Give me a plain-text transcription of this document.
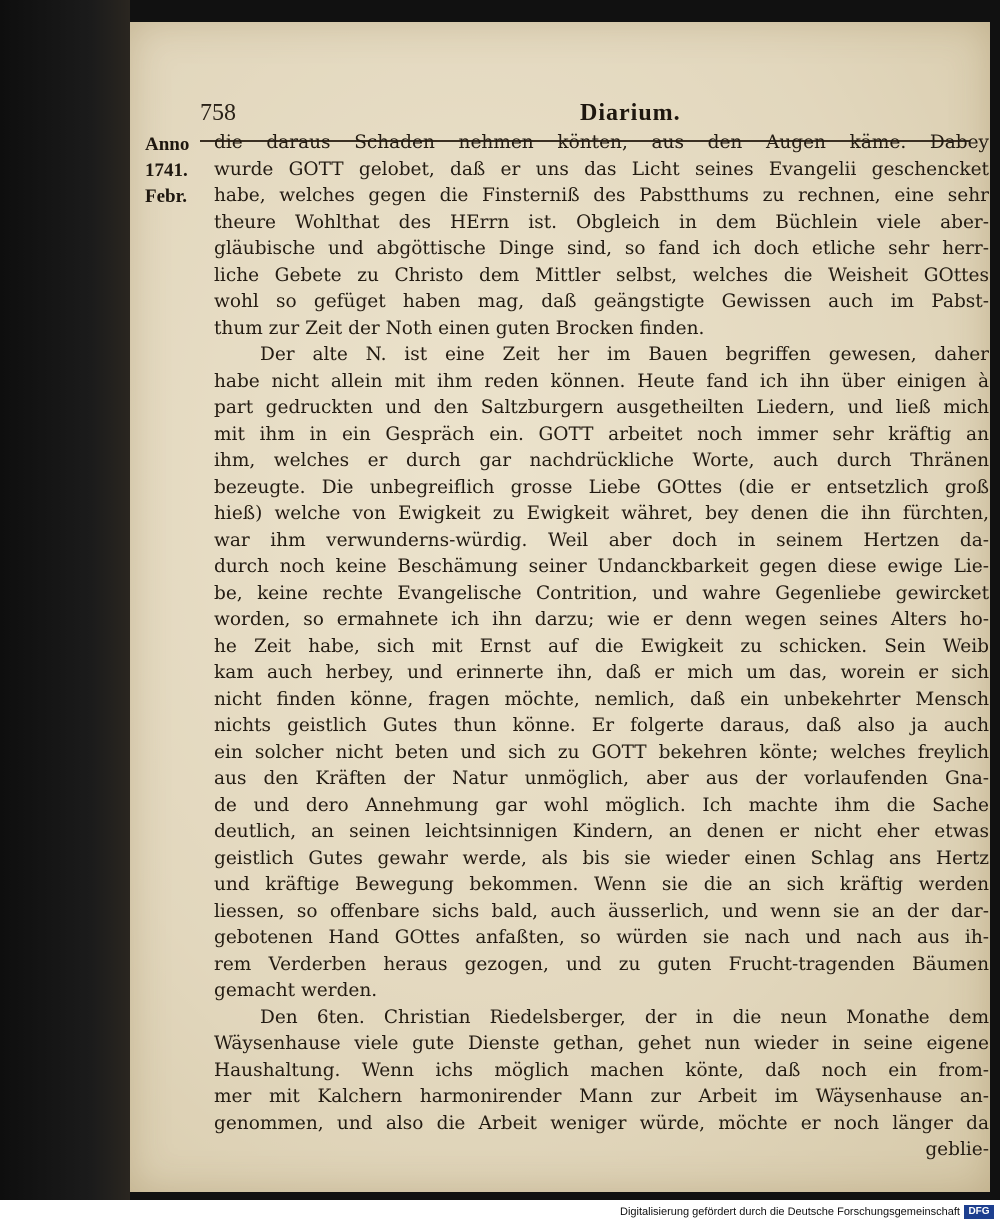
758	Diarium.
Anno
1741.
Febr.
die daraus Schaden nehmen könten, aus den Augen käme. Dabey
wurde GOTT gelobet, daß er uns das Licht seines Evangelii geschencket
habe, welches gegen die Finsterniß des Pabstthums zu rechnen, eine sehr
theure Wohlthat des HErrn ist. Obgleich in dem Büchlein viele aber-
gläubische und abgöttische Dinge sind, so fand ich doch etliche sehr herr-
liche Gebete zu Christo dem Mittler selbst, welches die Weisheit GOttes
wohl so gefüget haben mag, daß geängstigte Gewissen auch im Pabst-
thum zur Zeit der Noth einen guten Brocken finden.
Der alte N. ist eine Zeit her im Bauen begriffen gewesen, daher
habe nicht allein mit ihm reden können. Heute fand ich ihn über einigen à
part gedruckten und den Saltzburgern ausgetheilten Liedern, und ließ mich
mit ihm in ein Gespräch ein. GOTT arbeitet noch immer sehr kräftig an
ihm, welches er durch gar nachdrückliche Worte, auch durch Thränen
bezeugte. Die unbegreiflich grosse Liebe GOttes (die er entsetzlich groß
hieß) welche von Ewigkeit zu Ewigkeit währet, bey denen die ihn fürchten,
war ihm verwunderns-würdig. Weil aber doch in seinem Hertzen da-
durch noch keine Beschämung seiner Undanckbarkeit gegen diese ewige Lie-
be, keine rechte Evangelische Contrition, und wahre Gegenliebe gewircket
worden, so ermahnete ich ihn darzu; wie er denn wegen seines Alters ho-
he Zeit habe, sich mit Ernst auf die Ewigkeit zu schicken. Sein Weib
kam auch herbey, und erinnerte ihn, daß er mich um das, worein er sich
nicht finden könne, fragen möchte, nemlich, daß ein unbekehrter Mensch
nichts geistlich Gutes thun könne. Er folgerte daraus, daß also ja auch
ein solcher nicht beten und sich zu GOTT bekehren könte; welches freylich
aus den Kräften der Natur unmöglich, aber aus der vorlaufenden Gna-
de und dero Annehmung gar wohl möglich. Ich machte ihm die Sache
deutlich, an seinen leichtsinnigen Kindern, an denen er nicht eher etwas
geistlich Gutes gewahr werde, als bis sie wieder einen Schlag ans Hertz
und kräftige Bewegung bekommen. Wenn sie die an sich kräftig werden
liessen, so offenbare sichs bald, auch äusserlich, und wenn sie an der dar-
gebotenen Hand GOttes anfaßten, so würden sie nach und nach aus ih-
rem Verderben heraus gezogen, und zu guten Frucht-tragenden Bäumen
gemacht werden.
Den 6ten. Christian Riedelsberger, der in die neun Monathe dem
Wäysenhause viele gute Dienste gethan, gehet nun wieder in seine eigene
Haushaltung. Wenn ichs möglich machen könte, daß noch ein from-
mer mit Kalchern harmonirender Mann zur Arbeit im Wäysenhause an-
genommen, und also die Arbeit weniger würde, möchte er noch länger da
geblie-
Digitalisierung gefördert durch die Deutsche Forschungsgemeinschaft DFG
